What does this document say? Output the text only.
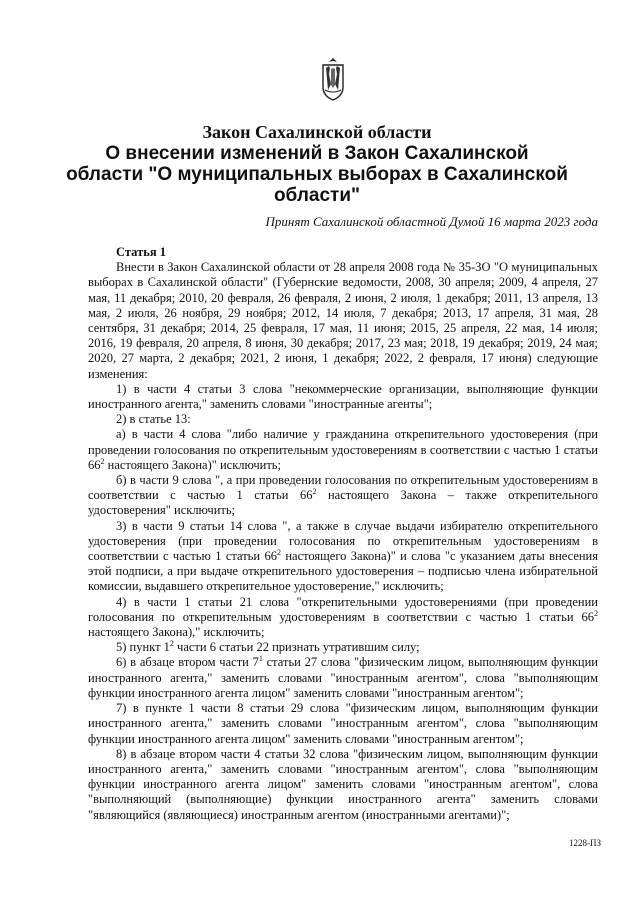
Закон Сахалинской области
О внесении изменений в Закон Сахалинской
области "О муниципальных выборах в Сахалинской
области"
Принят Сахалинской областной Думой 16 марта 2023 года
Статья 1

Внести в Закон Сахалинской области от 28 апреля 2008 года № 35-ЗО "О муниципальных выборах в Сахалинской области" (Губернские ведомости, 2008, 30 апреля; 2009, 4 апреля, 27 мая, 11 декабря; 2010, 20 февраля, 26 февраля, 2 июня, 2 июля, 1 декабря; 2011, 13 апреля, 13 мая, 2 июля, 26 ноября, 29 ноября; 2012, 14 июля, 7 декабря; 2013, 17 апреля, 31 мая, 28 сентября, 31 декабря; 2014, 25 февраля, 17 мая, 11 июня; 2015, 25 апреля, 22 мая, 14 июля; 2016, 19 февраля, 20 апреля, 8 июня, 30 декабря; 2017, 23 мая; 2018, 19 декабря; 2019, 24 мая; 2020, 27 марта, 2 декабря; 2021, 2 июня, 1 декабря; 2022, 2 февраля, 17 июня) следующие изменения:

1) в части 4 статьи 3 слова "некоммерческие организации, выполняющие функции иностранного агента," заменить словами "иностранные агенты";

2) в статье 13:

а) в части 4 слова "либо наличие у гражданина открепительного удостоверения (при проведении голосования по открепительным удостоверениям в соответствии с частью 1 статьи $66^2$ настоящего Закона)" исключить;

б) в части 9 слова ", а при проведении голосования по открепительным удостоверениям в соответствии с частью 1 статьи $66^2$ настоящего Закона – также открепительного удостоверения" исключить;

3) в части 9 статьи 14 слова ", а также в случае выдачи избирателю открепительного удостоверения (при проведении голосования по открепительным удостоверениям в соответствии с частью 1 статьи $66^2$ настоящего Закона)" и слова "с указанием даты внесения этой подписи, а при выдаче открепительного удостоверения – подписью члена избирательной комиссии, выдавшего открепительное удостоверение," исключить;

4) в части 1 статьи 21 слова "открепительными удостоверениями (при проведении голосования по открепительным удостоверениям в соответствии с частью 1 статьи $66^2$ настоящего Закона)," исключить;

5) пункт $1^2$ части 6 статьи 22 признать утратившим силу;

6) в абзаце втором части $7^1$ статьи 27 слова "физическим лицом, выполняющим функции иностранного агента," заменить словами "иностранным агентом", слова "выполняющим функции иностранного агента лицом" заменить словами "иностранным агентом";

7) в пункте 1 части 8 статьи 29 слова "физическим лицом, выполняющим функции иностранного агента," заменить словами "иностранным агентом", слова "выполняющим функции иностранного агента лицом" заменить словами "иностранным агентом";

8) в абзаце втором части 4 статьи 32 слова "физическим лицом, выполняющим функции иностранного агента," заменить словами "иностранным агентом", слова "выполняющим функции иностранного агента лицом" заменить словами "иностранным агентом", слова "выполняющий (выполняющие) функции иностранного агента" заменить словами "являющийся (являющиеся) иностранным агентом (иностранными агентами)";

1228-ПЗ
